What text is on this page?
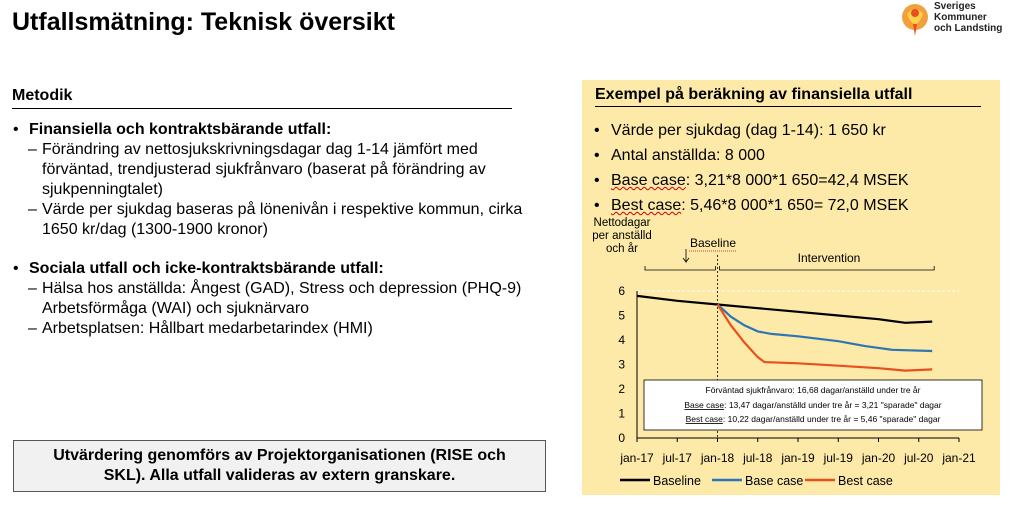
Utfallsmätning: Teknisk översikt
Sveriges
Kommuner
och Landsting
Metodik
• Finansiella och kontraktsbärande utfall:
– Förändring av nettosjukskrivningsdagar dag 1-14 jämfört med förväntad, trendjusterad sjukfrånvaro (baserat på förändring av sjukpenningtalet)
– Värde per sjukdag baseras på lönenivån i respektive kommun, cirka 1650 kr/dag (1300-1900 kronor)
• Sociala utfall och icke-kontraktsbärande utfall:
– Hälsa hos anställda: Ångest (GAD), Stress och depression (PHQ-9) Arbetsförmåga (WAI) och sjuknärvaro
– Arbetsplatsen: Hållbart medarbetarindex (HMI)
Utvärdering genomförs av Projektorganisationen (RISE och
SKL). Alla utfall valideras av extern granskare.
Exempel på beräkning av finansiella utfall
• Värde per sjukdag (dag 1-14): 1 650 kr
• Antal anställda: 8 000
• Base case: 3,21*8 000*1 650=42,4 MSEK
• Best case: 5,46*8 000*1 650= 72,0 MSEK
Nettodagar
per anställd
och år
0
1
2
3
4
5
6
jan-17 jul-17 jan-18 jul-18 jan-19 jul-19 jan-20 jul-20 jan-21
Baseline
Intervention
Förväntad sjukfrånvaro: 16,68 dagar/anställd under tre år
Base case: 13,47 dagar/anställd under tre år = 3,21 "sparade" dagar
Best case: 10,22 dagar/anställd under tre år = 5,46 "sparade" dagar
Baseline	Base case	Best case
